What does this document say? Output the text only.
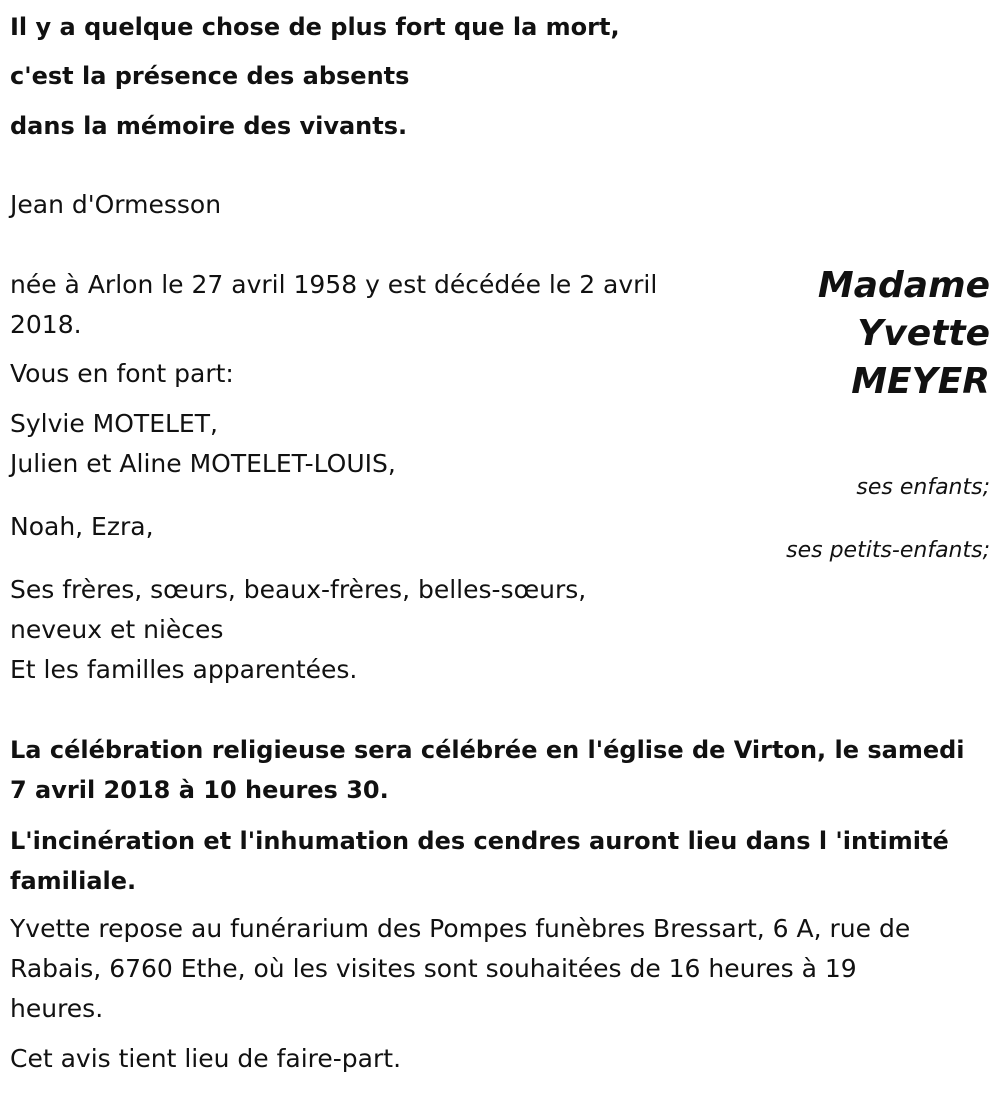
Il y a quelque chose de plus fort que la mort,
c'est la présence des absents
dans la mémoire des vivants.
Jean d'Ormesson
Madame
Yvette
MEYER
née à Arlon le 27 avril 1958 y est décédée le 2 avril
2018.
Vous en font part:
Sylvie MOTELET,
Julien et Aline MOTELET-LOUIS,
ses enfants;
Noah, Ezra,
ses petits-enfants;
Ses frères, sœurs, beaux-frères, belles-sœurs,
neveux et nièces
Et les familles apparentées.
La célébration religieuse sera célébrée en l'église de Virton, le samedi
7 avril 2018 à 10 heures 30.
L'incinération et l'inhumation des cendres auront lieu dans l 'intimité
familiale.
Yvette repose au funérarium des Pompes funèbres Bressart, 6 A, rue de
Rabais, 6760 Ethe, où les visites sont souhaitées de 16 heures à 19
heures.
Cet avis tient lieu de faire-part.
